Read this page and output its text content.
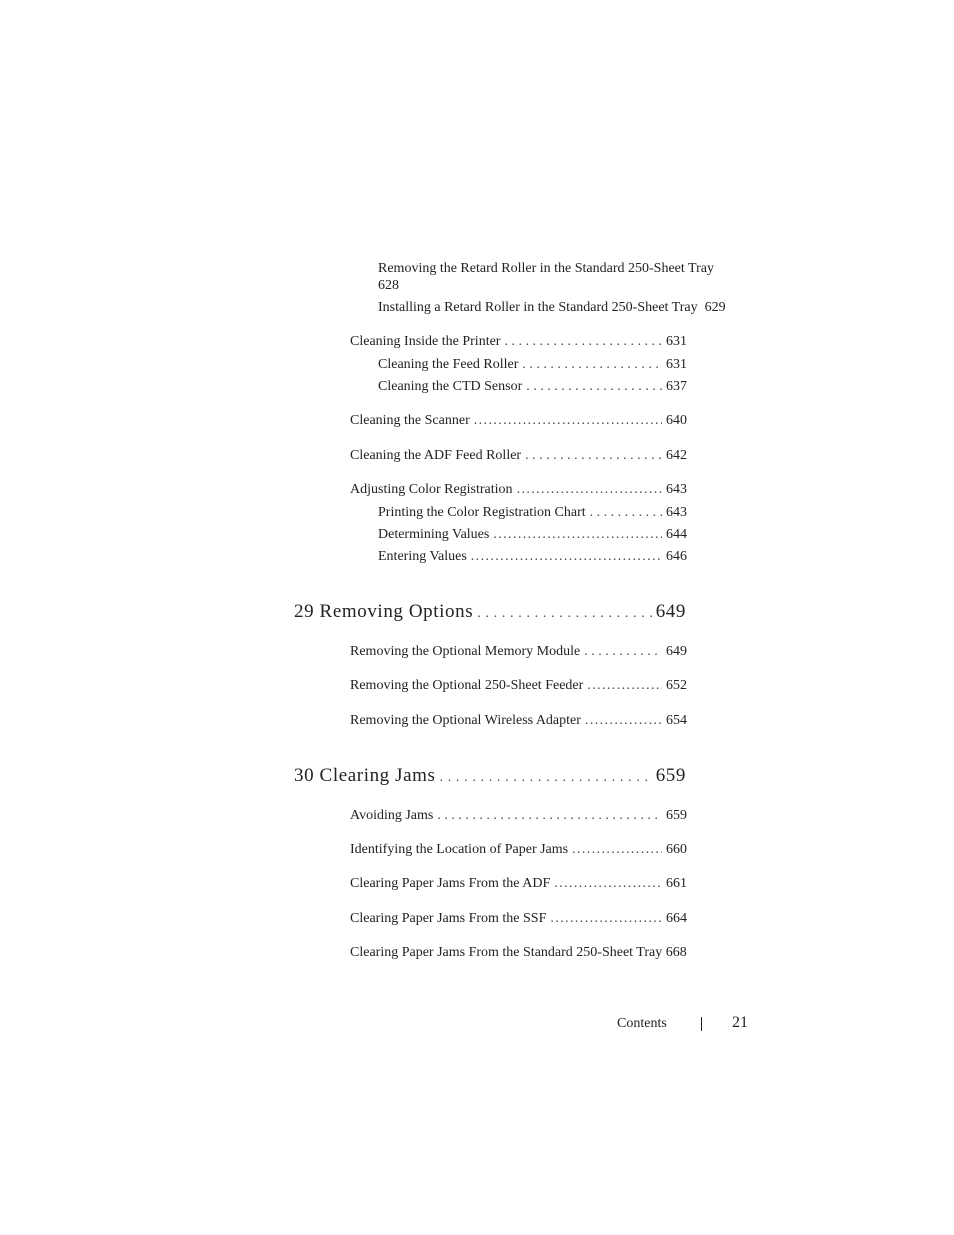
Removing the Retard Roller in the Standard 250-Sheet Tray
628
Installing a Retard Roller in the Standard 250-Sheet Tray 629
Cleaning Inside the Printer . . .	631
Cleaning the Feed Roller . . .	631
Cleaning the CTD Sensor . . .	637
Cleaning the Scanner .....	640
Cleaning the ADF Feed Roller . . .	642
Adjusting Color Registration .....	643
Printing the Color Registration Chart . . .	643
Determining Values .....	644
Entering Values .....	646
29 Removing Options . . .	649
Removing the Optional Memory Module . . .	649
Removing the Optional 250-Sheet Feeder .....	652
Removing the Optional Wireless Adapter .....	654
30 Clearing Jams . . .	659
Avoiding Jams . . .	659
Identifying the Location of Paper Jams .....	660
Clearing Paper Jams From the ADF .....	661
Clearing Paper Jams From the SSF .....	664
Clearing Paper Jams From the Standard 250-Sheet Tray 668
Contents	21
